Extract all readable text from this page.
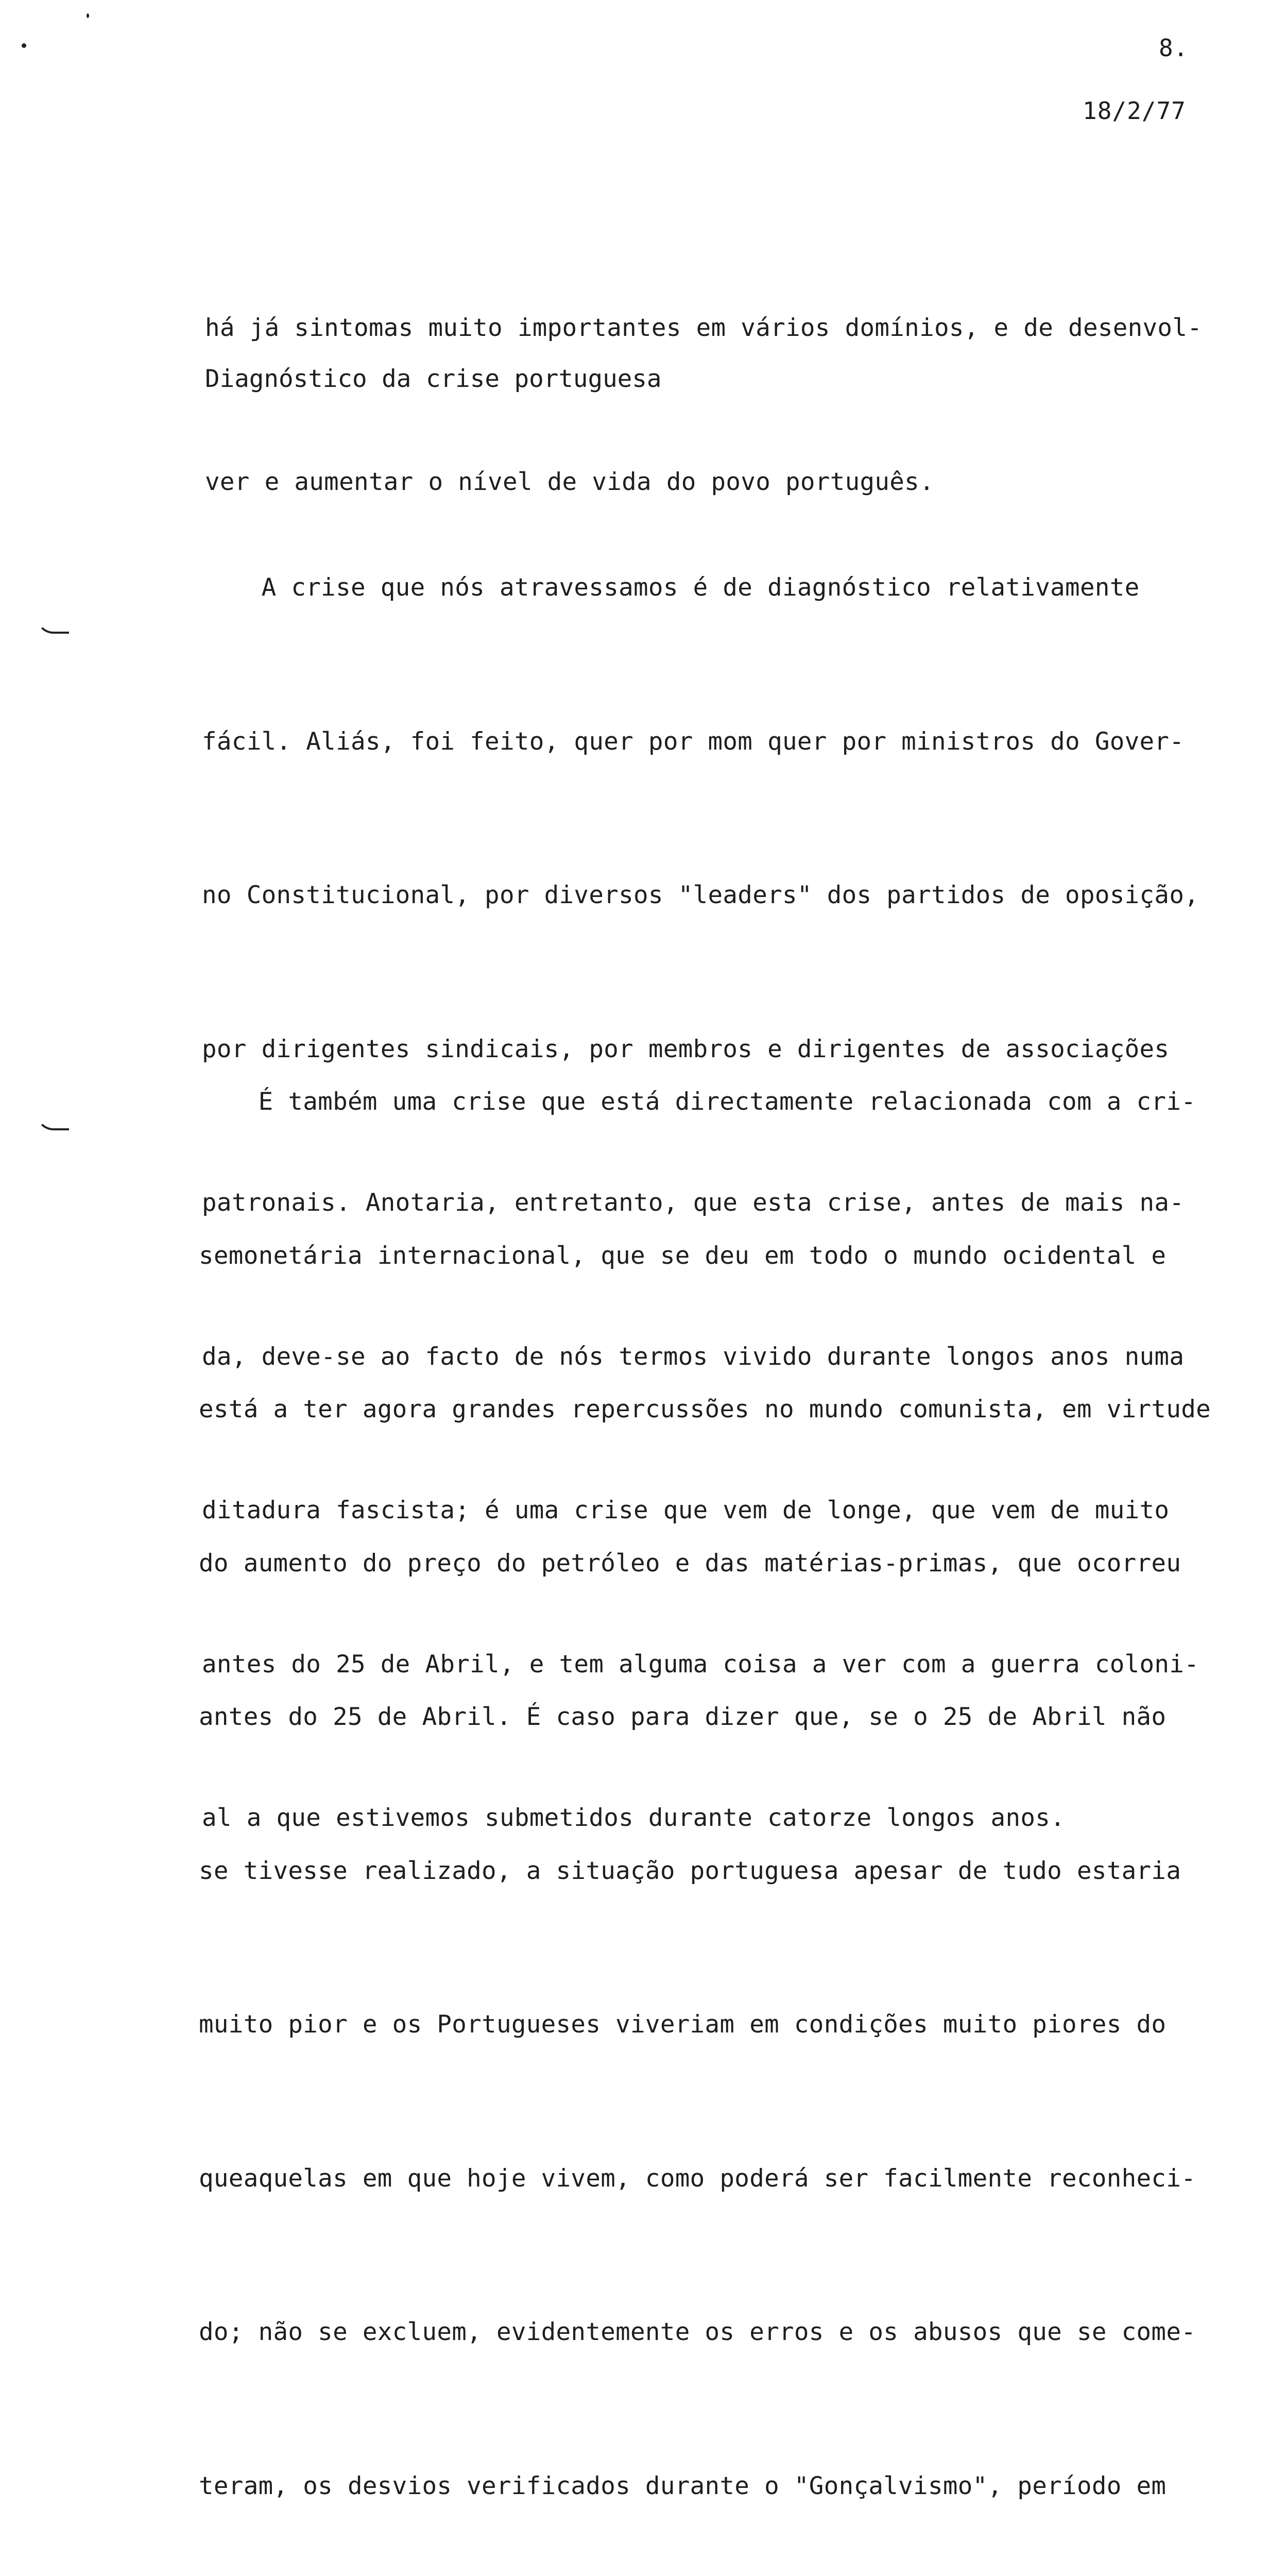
8.
18/2/77

há já sintomas muito importantes em vários domínios, e de desenvol-

ver e aumentar o nível de vida do povo português.

Diagnóstico da crise portuguesa

A crise que nós atravessamos é de diagnóstico relativamente

fácil. Aliás, foi feito, quer por mom quer por ministros do Gover-

no Constitucional, por diversos "leaders" dos partidos de oposição,

por dirigentes sindicais, por membros e dirigentes de associações

patronais. Anotaria, entretanto, que esta crise, antes de mais na-

da, deve-se ao facto de nós termos vivido durante longos anos numa

ditadura fascista; é uma crise que vem de longe, que vem de muito

antes do 25 de Abril, e tem alguma coisa a ver com a guerra coloni-

al a que estivemos submetidos durante catorze longos anos.

É também uma crise que está directamente relacionada com a cri-

semonetária internacional, que se deu em todo o mundo ocidental e

está a ter agora grandes repercussões no mundo comunista, em virtude

do aumento do preço do petróleo e das matérias-primas, que ocorreu

antes do 25 de Abril. É caso para dizer que, se o 25 de Abril não

se tivesse realizado, a situação portuguesa apesar de tudo estaria

muito pior e os Portugueses viveriam em condições muito piores do

queaquelas em que hoje vivem, como poderá ser facilmente reconheci-

do; não se excluem, evidentemente os erros e os abusos que se come-

teram, os desvios verificados durante o "Gonçalvismo", período em
